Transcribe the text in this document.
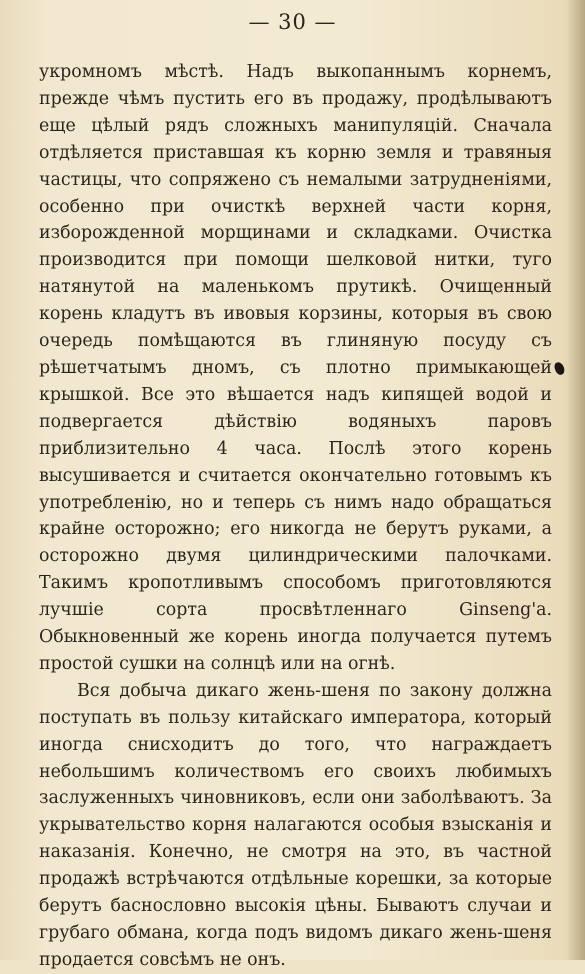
— 30 —

укромномъ мѣстѣ. Надъ выкопаннымъ корнемъ, прежде чѣмъ пустить его въ продажу, продѣлываютъ еще цѣлый рядъ сложныхъ манипуляцій. Сначала отдѣляется приставшая къ корню земля и травяныя частицы, что сопряжено съ немалыми затрудненіями, особенно при очисткѣ верхней части корня, изборожденной морщинами и складками. Очистка производится при помощи шелковой нитки, туго натянутой на маленькомъ прутикѣ. Очищенный корень кладутъ въ ивовыя корзины, которыя въ свою очередь помѣщаются въ глиняную посуду съ рѣшетчатымъ дномъ, съ плотно примыкающей крышкой. Все это вѣшается надъ кипящей водой и подвергается дѣйствію водяныхъ паровъ приблизительно 4 часа. Послѣ этого корень высушивается и считается окончательно готовымъ къ употребленію, но и теперь съ нимъ надо обращаться крайне осторожно; его никогда не берутъ руками, а осторожно двумя цилиндрическими палочками. Такимъ кропотливымъ способомъ приготовляются лучшіе сорта просвѣтленнаго Ginseng'a. Обыкновенный же корень иногда получается путемъ простой сушки на солнцѣ или на огнѣ.

Вся добыча дикаго жень-шеня по закону должна поступать въ пользу китайскаго императора, который иногда снисходитъ до того, что награждаетъ небольшимъ количествомъ его своихъ любимыхъ заслуженныхъ чиновниковъ, если они заболѣваютъ. За укрывательство корня налагаются особыя взысканія и наказанія. Конечно, не смотря на это, въ частной продажѣ встрѣчаются отдѣльные корешки, за которые берутъ баснословно высокія цѣны. Бываютъ случаи и грубаго обмана, когда подъ видомъ дикаго жень-шеня продается совсѣмъ не онъ.
